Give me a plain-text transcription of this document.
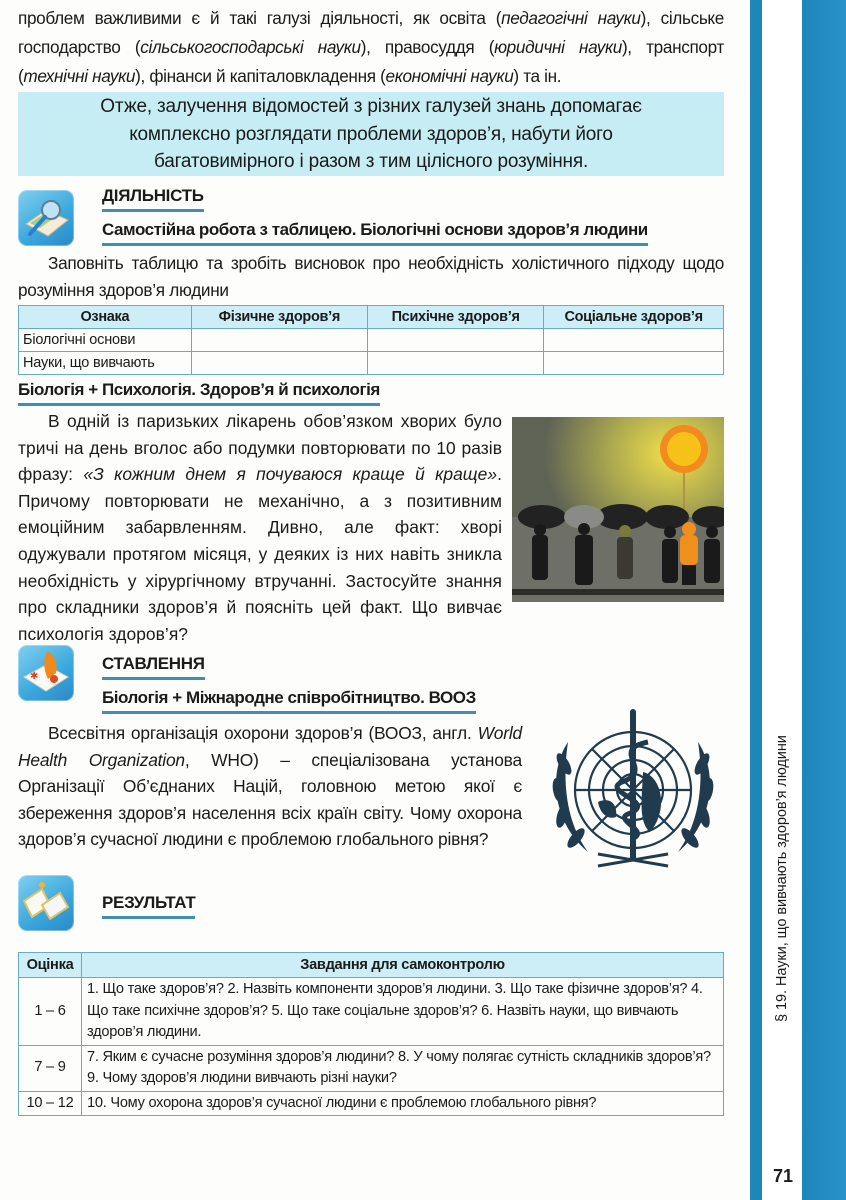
проблем важливими є й такі галузі діяльності, як освіта (педагогічні науки), сільське господарство (сільськогосподарські науки), правосуддя (юридичні науки), транспорт (технічні науки), фінанси й капіталовкладення (економічні науки) та ін.

Отже, залучення відомостей з різних галузей знань допомагає
комплексно розглядати проблеми здоров’я, набути його
багатовимірного і разом з тим цілісного розуміння.
ДІЯЛЬНІСТЬ
Самостійна робота з таблицею. Біологічні основи здоров’я людини

Заповніть таблицю та зробіть висновок про необхідність холістичного підходу щодо розуміння здоров’я людини

Ознака	Фізичне здоров’я	Психічне здоров’я	Соціальне здоров’я
Біологічні основи			
Науки, що вивчають			
Біологія + Психологія. Здоров’я й психологія

В одній із паризьких лікарень обов’язком хворих було тричі на день вголос або подумки повторювати по 10 разів фразу: «З кожним днем я почуваюся краще й краще». Причому повторювати не механічно, а з позитивним емоційним забарвленням. Дивно, але факт: хворі одужували протягом місяця, у деяких із них навіть зникла необхідність у хірургічному втручанні. Застосуйте знання про складники здоров’я й поясніть цей факт. Що вивчає психологія здоров’я?

✱
СТАВЛЕННЯ
Біологія + Міжнародне співробітництво. ВООЗ

Всесвітня організація охорони здоров’я (ВООЗ, англ. World Health Organization, WHO) – спеціалізована установа Організації Об’єднаних Націй, головною метою якої є збереження здоров’я населення всіх країн світу. Чому охорона здоров’я сучасної людини є проблемою глобального рівня?

РЕЗУЛЬТАТ
Оцінка	Завдання для самоконтролю
1 – 6	1. Що таке здоров’я? 2. Назвіть компоненти здоров’я людини. 3. Що таке фізичне здоров’я? 4. Що таке психічне здоров’я? 5. Що таке соціальне здоров’я? 6. Назвіть науки, що вивчають здоров’я людини.
7 – 9	7. Яким є сучасне розуміння здоров’я людини? 8. У чому полягає сутність складників здоров’я? 9. Чому здоров’я людини вивчають різні науки?
10 – 12	10. Чому охорона здоров’я сучасної людини є проблемою глобального рівня?
§ 19. Науки, що вивчають здоров’я людини
71
